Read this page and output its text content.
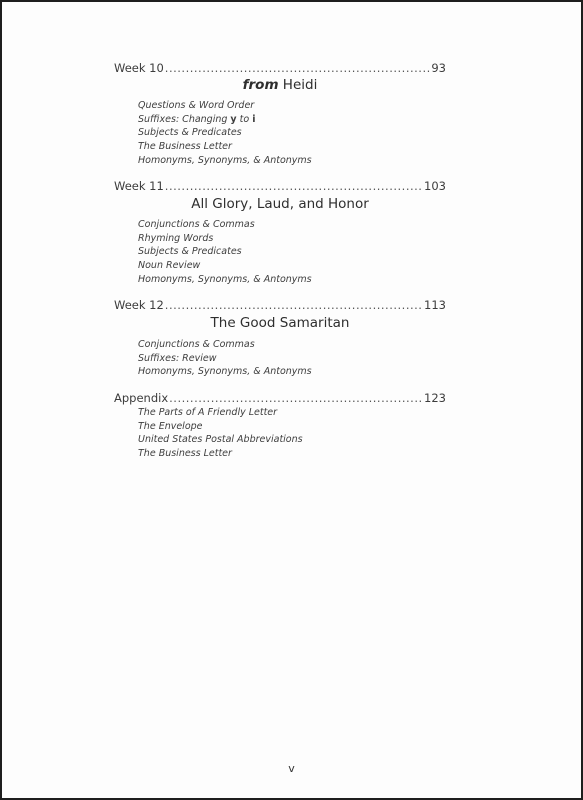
Week 10 .....	93
from Heidi
Questions & Word Order
Suffixes: Changing y to i
Subjects & Predicates
The Business Letter
Homonyms, Synonyms, & Antonyms
Week 11 .....	103
All Glory, Laud, and Honor
Conjunctions & Commas
Rhyming Words
Subjects & Predicates
Noun Review
Homonyms, Synonyms, & Antonyms
Week 12 .....	113
The Good Samaritan
Conjunctions & Commas
Suffixes: Review
Homonyms, Synonyms, & Antonyms
Appendix .....	123
The Parts of A Friendly Letter
The Envelope
United States Postal Abbreviations
The Business Letter
v
